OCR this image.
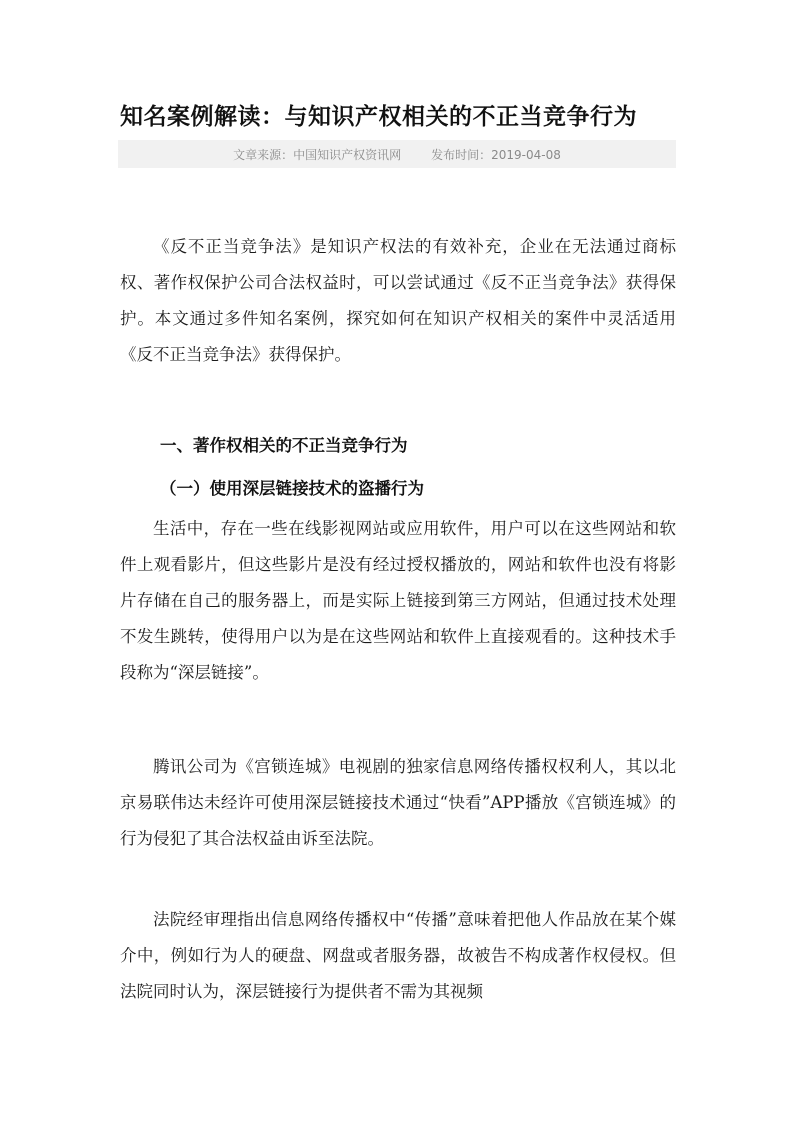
知名案例解读：与知识产权相关的不正当竞争行为
文章来源：中国知识产权资讯网	发布时间：2019-04-08
《反不正当竞争法》是知识产权法的有效补充，企业在无法通过商标权、著作权保护公司合法权益时，可以尝试通过《反不正当竞争法》获得保护。本文通过多件知名案例，探究如何在知识产权相关的案件中灵活适用《反不正当竞争法》获得保护。
一、著作权相关的不正当竞争行为
（一）使用深层链接技术的盗播行为
生活中，存在一些在线影视网站或应用软件，用户可以在这些网站和软件上观看影片，但这些影片是没有经过授权播放的，网站和软件也没有将影片存储在自己的服务器上，而是实际上链接到第三方网站，但通过技术处理不发生跳转，使得用户以为是在这些网站和软件上直接观看的。这种技术手段称为“深层链接”。
腾讯公司为《宫锁连城》电视剧的独家信息网络传播权权利人，其以北京易联伟达未经许可使用深层链接技术通过“快看”APP播放《宫锁连城》的行为侵犯了其合法权益由诉至法院。
法院经审理指出信息网络传播权中“传播”意味着把他人作品放在某个媒介中，例如行为人的硬盘、网盘或者服务器，故被告不构成著作权侵权。但法院同时认为，深层链接行为提供者不需为其视频
